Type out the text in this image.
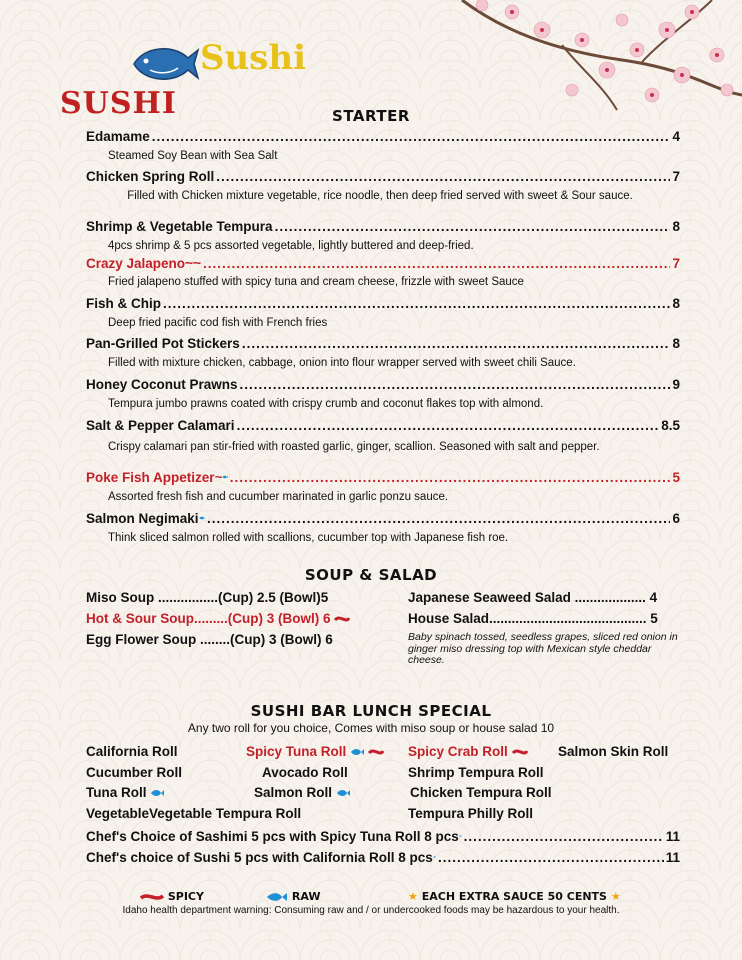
Sushi
SUSHI	STARTER
Edamame .....	4
Steamed Soy Bean with Sea Salt
Chicken Spring Roll .....	7
Filled with Chicken mixture vegetable, rice noodle, then deep fried served with sweet & Sour sauce.
Shrimp & Vegetable Tempura .....	8
4pcs shrimp & 5 pcs assorted vegetable, lightly buttered and deep-fried.
Crazy Jalapeno .....	7
Fried jalapeno stuffed with spicy tuna and cream cheese, frizzle with sweet Sauce
Fish & Chip .....	8
Deep fried pacific cod fish with French fries
Pan-Grilled Pot Stickers .....	8
Filled with mixture chicken, cabbage, onion into flour wrapper served with sweet chili Sauce.
Honey Coconut Prawns .....	9
Tempura jumbo prawns coated with crispy crumb and coconut flakes top with almond.
Salt & Pepper Calamari .....	8.5
Crispy calamari pan stir-fried with roasted garlic, ginger, scallion. Seasoned with salt and pepper.
Poke Fish Appetizer .....	5
Assorted fresh fish and cucumber marinated in garlic ponzu sauce.
Salmon Negimaki .....	6
Think sliced salmon rolled with scallions, cucumber top with Japanese fish roe.
SOUP & SALAD
Miso Soup ................(Cup) 2.5 (Bowl)5
Hot & Sour Soup.........(Cup) 3 (Bowl) 6
Egg Flower Soup ........(Cup) 3 (Bowl) 6
Japanese Seaweed Salad ................... 4
House Salad.......................................... 5
Baby spinach tossed, seedless grapes, sliced red onion in ginger miso dressing top with Mexican style cheddar cheese.
SUSHI BAR LUNCH SPECIAL
Any two roll for you choice, Comes with miso soup or house salad 10
California Roll	Spicy Tuna Roll	Spicy Crab Roll	Salmon Skin Roll
Cucumber Roll	Avocado Roll	Shrimp Tempura Roll
Tuna Roll	Salmon Roll	Chicken Tempura Roll
VegetableVegetable Tempura Roll	Tempura Philly Roll
Chef's Choice of Sashimi 5 pcs with Spicy Tuna Roll 8 pcs .....	11
Chef's choice of Sushi 5 pcs with California Roll 8 pcs .....	11
SPICY	RAW	★ EACH EXTRA SAUCE 50 CENTS ★
Idaho health department warning: Consuming raw and / or undercooked foods may be hazardous to your health.
